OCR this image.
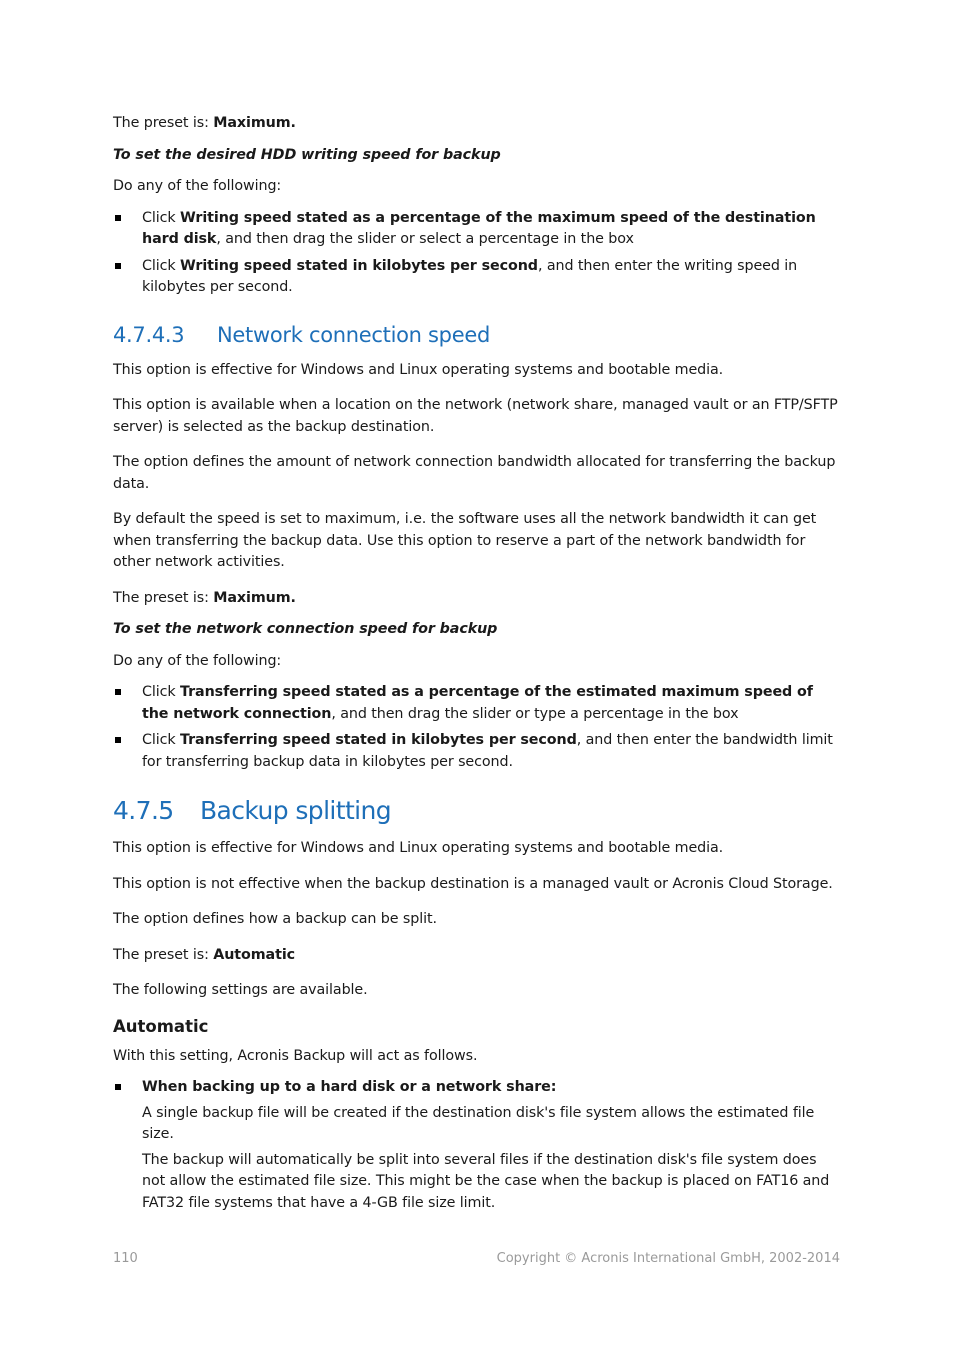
The preset is: Maximum.

To set the desired HDD writing speed for backup

Do any of the following:

Click Writing speed stated as a percentage of the maximum speed of the destination hard disk, and then drag the slider or select a percentage in the box
Click Writing speed stated in kilobytes per second, and then enter the writing speed in kilobytes per second.
4.7.4.3 Network connection speed

This option is effective for Windows and Linux operating systems and bootable media.

This option is available when a location on the network (network share, managed vault or an FTP/SFTP server) is selected as the backup destination.

The option defines the amount of network connection bandwidth allocated for transferring the backup data.

By default the speed is set to maximum, i.e. the software uses all the network bandwidth it can get when transferring the backup data. Use this option to reserve a part of the network bandwidth for other network activities.

The preset is: Maximum.

To set the network connection speed for backup

Do any of the following:

Click Transferring speed stated as a percentage of the estimated maximum speed of the network connection, and then drag the slider or type a percentage in the box
Click Transferring speed stated in kilobytes per second, and then enter the bandwidth limit for transferring backup data in kilobytes per second.
4.7.5 Backup splitting

This option is effective for Windows and Linux operating systems and bootable media.

This option is not effective when the backup destination is a managed vault or Acronis Cloud Storage.

The option defines how a backup can be split.

The preset is: Automatic

The following settings are available.

Automatic

With this setting, Acronis Backup will act as follows.

When backing up to a hard disk or a network share:

A single backup file will be created if the destination disk's file system allows the estimated file size.

The backup will automatically be split into several files if the destination disk's file system does not allow the estimated file size. This might be the case when the backup is placed on FAT16 and FAT32 file systems that have a 4-GB file size limit.

110	Copyright © Acronis International GmbH, 2002-2014
